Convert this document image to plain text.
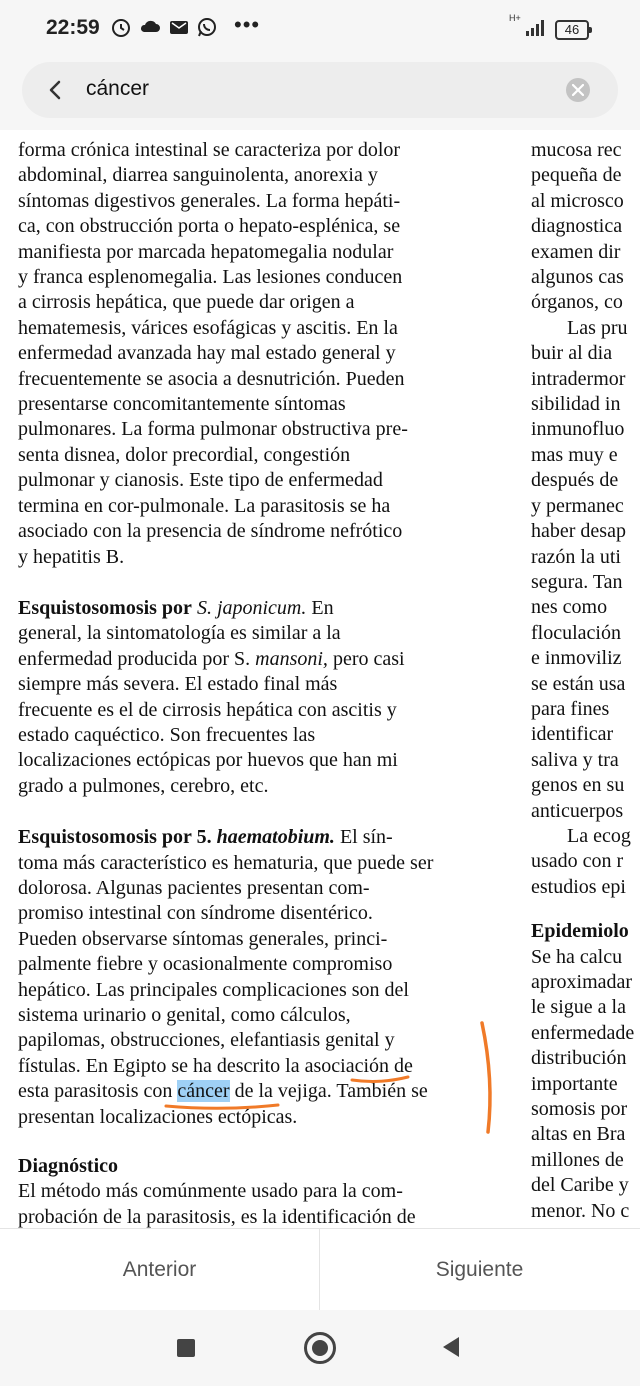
22:59	•••	H+
46
cáncer

forma crónica intestinal se caracteriza por dolor
abdominal, diarrea sanguinolenta, anorexia y
síntomas digestivos generales. La forma hepáti-
ca, con obstrucción porta o hepato-esplénica, se
manifiesta por marcada hepatomegalia nodular
y franca esplenomegalia. Las lesiones conducen
a cirrosis hepática, que puede dar origen a
hematemesis, várices esofágicas y ascitis. En la
enfermedad avanzada hay mal estado general y
frecuentemente se asocia a desnutrición. Pueden
presentarse concomitantemente síntomas
pulmonares. La forma pulmonar obstructiva pre-
senta disnea, dolor precordial, congestión
pulmonar y cianosis. Este tipo de enfermedad
termina en cor-pulmonale. La parasitosis se ha
asociado con la presencia de síndrome nefrótico
y hepatitis B.

Esquistosomosis por S. japonicum. En
general, la sintomatología es similar a la
enfermedad producida por S. mansoni, pero casi
siempre más severa. El estado final más
frecuente es el de cirrosis hepática con ascitis y
estado caquéctico. Son frecuentes las
localizaciones ectópicas por huevos que han mi
grado a pulmones, cerebro, etc.

Esquistosomosis por 5. haematobium. El sín-
toma más característico es hematuria, que puede ser
dolorosa. Algunas pacientes presentan com-
promiso intestinal con síndrome disentérico.
Pueden observarse síntomas generales, princi-
palmente fiebre y ocasionalmente compromiso
hepático. Las principales complicaciones son del
sistema urinario o genital, como cálculos,
papilomas, obstrucciones, elefantiasis genital y
fístulas. En Egipto se ha descrito la asociación de
esta parasitosis con cáncer de la vejiga. También se
presentan localizaciones ectópicas.

Diagnóstico

El método más comúnmente usado para la com-
probación de la parasitosis, es la identificación de

mucosa rec
pequeña de
al microsco
diagnostica
examen dir
algunos cas
órganos, co
Las pru
buir al dia
intradermor
sibilidad in
inmunofluo
mas muy e
después de
y permanec
haber desap
razón la uti
segura. Tan
nes como
floculación
e inmoviliz
se están usa
para fines
identificar
saliva y tra
genos en su
anticuerpos
La ecog
usado con r
estudios epi
Epidemiolo
Se ha calcu
aproximadar
le sigue a la
enfermedade
distribución
importante
somosis por
altas en Bra
millones de
del Caribe y
menor. No c
Anterior	Siguiente
